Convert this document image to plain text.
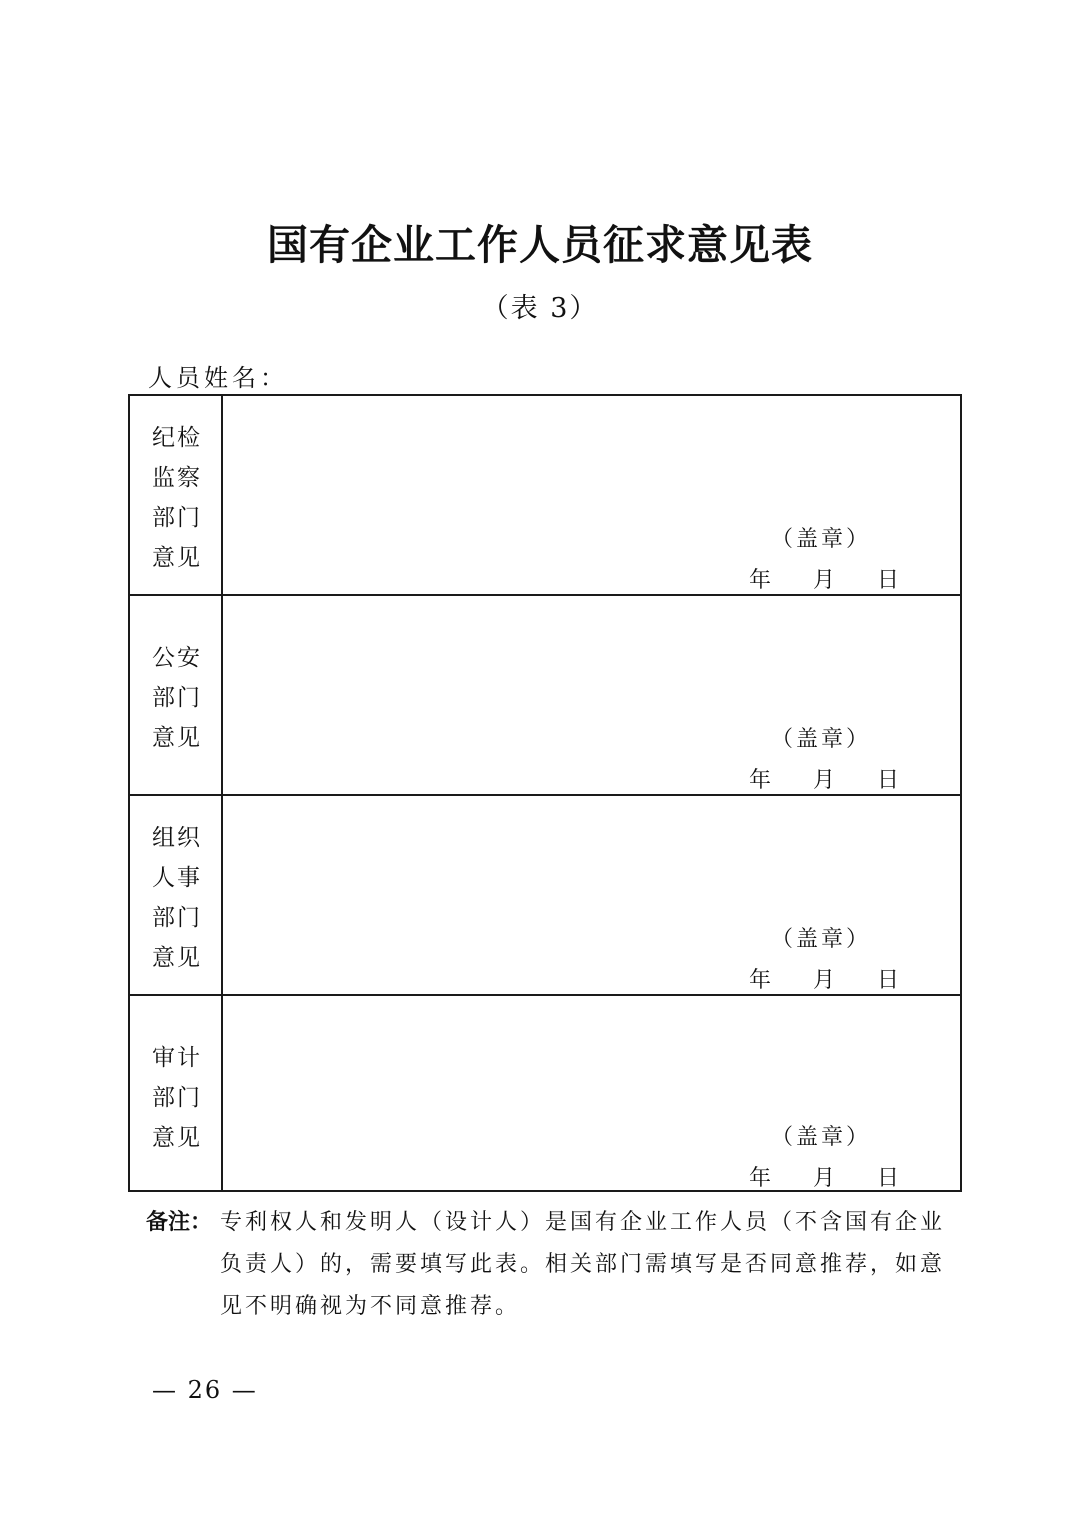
国有企业工作人员征求意见表
（表 3）
人员姓名：
纪检监察部门意见
（盖章）
年 月 日
公安部门意见	（盖章）
年 月 日
组织人事部门意见
（盖章）
年 月 日
审计部门意见	（盖章）
年 月 日
备注： 专利权人和发明人（设计人）是国有企业工作人员（不含国有企业负责人）的，需要填写此表。相关部门需填写是否同意推荐，如意见不明确视为不同意推荐。
— 26 —
